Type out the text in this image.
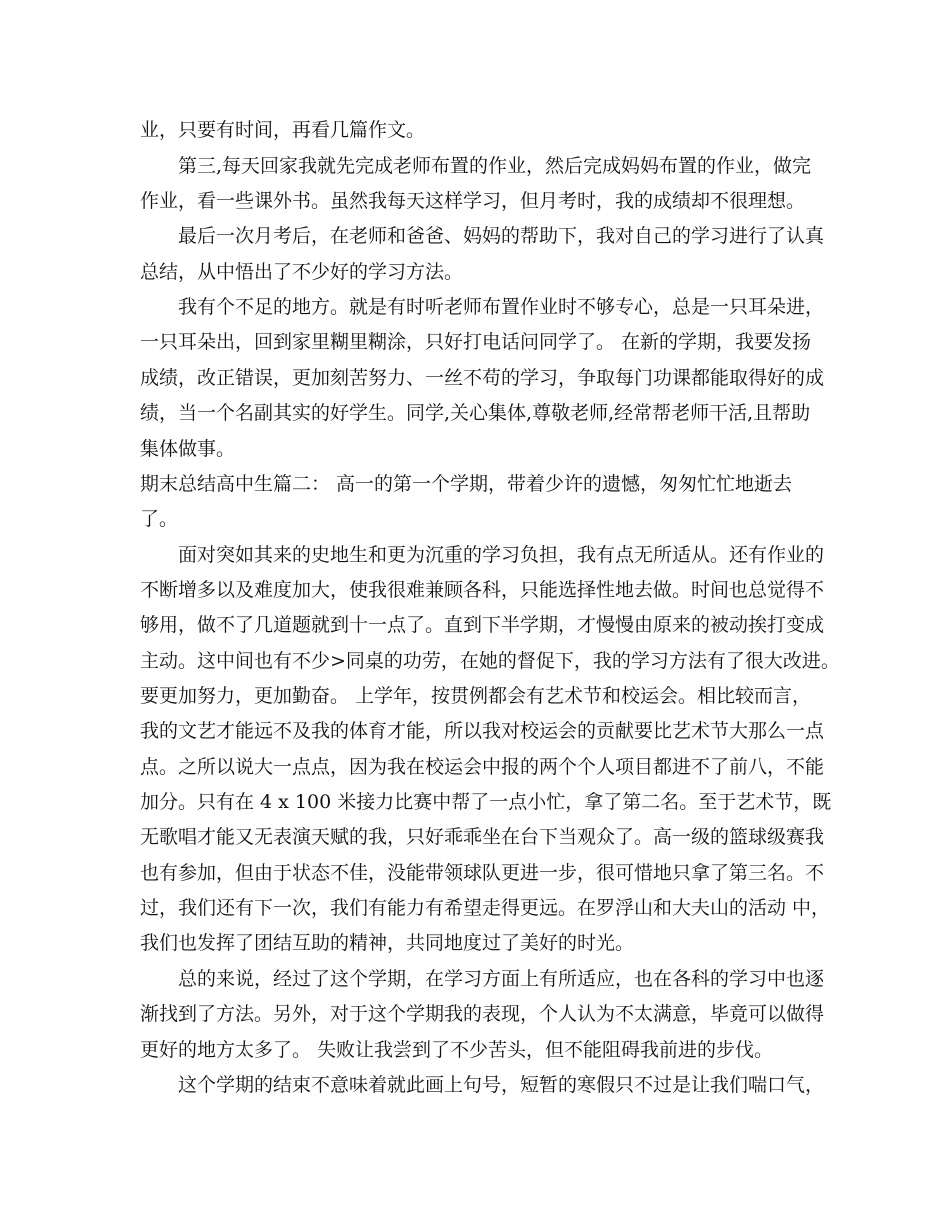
业，只要有时间，再看几篇作文。
第三,每天回家我就先完成老师布置的作业，然后完成妈妈布置的作业，做完
作业，看一些课外书。虽然我每天这样学习，但月考时，我的成绩却不很理想。
最后一次月考后，在老师和爸爸、妈妈的帮助下，我对自己的学习进行了认真
总结，从中悟出了不少好的学习方法。
我有个不足的地方。就是有时听老师布置作业时不够专心，总是一只耳朵进，
一只耳朵出，回到家里糊里糊涂，只好打电话问同学了。 在新的学期，我要发扬
成绩，改正错误，更加刻苦努力、一丝不苟的学习，争取每门功课都能取得好的成
绩，当一个名副其实的好学生。同学,关心集体,尊敬老师,经常帮老师干活,且帮助
集体做事。
期末总结高中生篇二： 高一的第一个学期，带着少许的遗憾，匆匆忙忙地逝去
了。
面对突如其来的史地生和更为沉重的学习负担，我有点无所适从。还有作业的
不断增多以及难度加大，使我很难兼顾各科，只能选择性地去做。时间也总觉得不
够用，做不了几道题就到十一点了。直到下半学期，才慢慢由原来的被动挨打变成
主动。这中间也有不少>同桌的功劳，在她的督促下，我的学习方法有了很大改进。
要更加努力，更加勤奋。 上学年，按贯例都会有艺术节和校运会。相比较而言，
我的文艺才能远不及我的体育才能，所以我对校运会的贡献要比艺术节大那么一点
点。之所以说大一点点，因为我在校运会中报的两个个人项目都进不了前八，不能
加分。只有在 4 x 100 米接力比赛中帮了一点小忙，拿了第二名。至于艺术节，既
无歌唱才能又无表演天赋的我，只好乖乖坐在台下当观众了。高一级的篮球级赛我
也有参加，但由于状态不佳，没能带领球队更进一步，很可惜地只拿了第三名。不
过，我们还有下一次，我们有能力有希望走得更远。在罗浮山和大夫山的活动 中，
我们也发挥了团结互助的精神，共同地度过了美好的时光。
总的来说，经过了这个学期，在学习方面上有所适应，也在各科的学习中也逐
渐找到了方法。另外，对于这个学期我的表现，个人认为不太满意，毕竟可以做得
更好的地方太多了。 失败让我尝到了不少苦头，但不能阻碍我前进的步伐。
这个学期的结束不意味着就此画上句号，短暂的寒假只不过是让我们喘口气，
